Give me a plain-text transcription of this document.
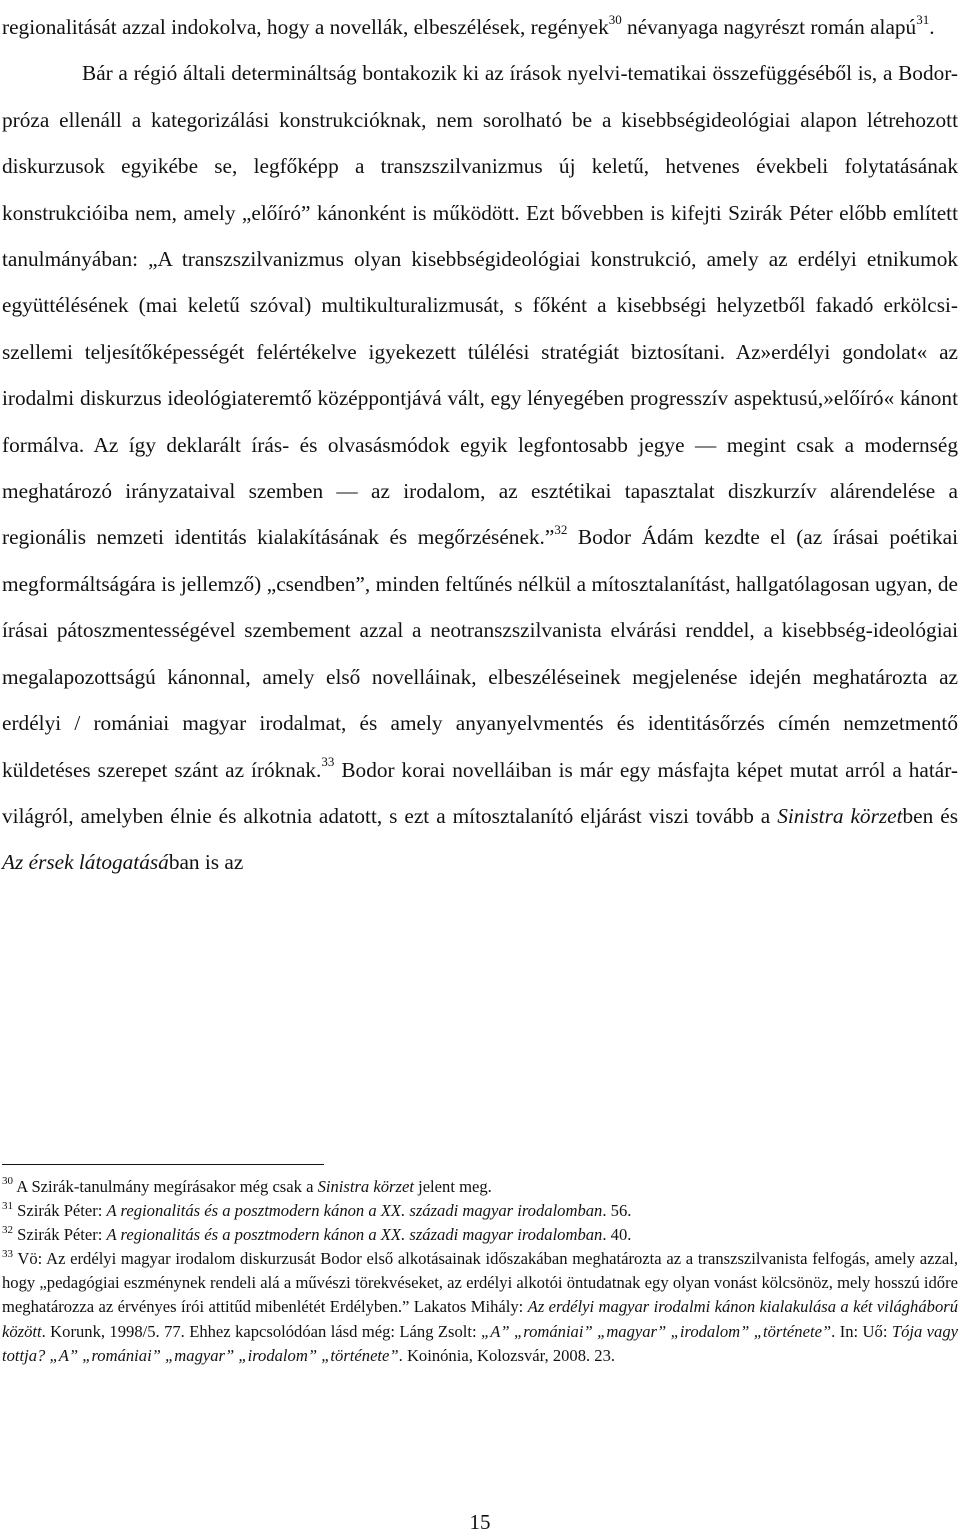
regionalitását azzal indokolva, hogy a novellák, elbeszélések, regények$^{30}$ névanyaga nagyrészt román alapú$^{31}$.

Bár a régió általi determináltság bontakozik ki az írások nyelvi-tematikai összefüggéséből is, a Bodor-próza ellenáll a kategorizálási konstrukcióknak, nem sorolható be a kisebbségideológiai alapon létrehozott diskurzusok egyikébe se, legfőképp a transzszilvanizmus új keletű, hetvenes évekbeli folytatásának konstrukcióiba nem, amely „előíró” kánonként is működött. Ezt bővebben is kifejti Szirák Péter előbb említett tanulmányában: „A transzszilvanizmus olyan kisebbségideológiai konstrukció, amely az erdélyi etnikumok együttélésének (mai keletű szóval) multikulturalizmusát, s főként a kisebbségi helyzetből fakadó erkölcsi-szellemi teljesítőképességét felértékelve igyekezett túlélési stratégiát biztosítani. Az»erdélyi gondolat« az irodalmi diskurzus ideológiateremtő középpontjává vált, egy lényegében progresszív aspektusú,»előíró« kánont formálva. Az így deklarált írás- és olvasásmódok egyik legfontosabb jegye — megint csak a modernség meghatározó irányzataival szemben — az irodalom, az esztétikai tapasztalat diszkurzív alárendelése a regionális nemzeti identitás kialakításának és megőrzésének.”$^{32}$ Bodor Ádám kezdte el (az írásai poétikai megformáltságára is jellemző) „csendben”, minden feltűnés nélkül a mítosztalanítást, hallgatólagosan ugyan, de írásai pátoszmentességével szembement azzal a neotranszszilvanista elvárási renddel, a kisebbség-ideológiai megalapozottságú kánonnal, amely első novelláinak, elbeszéléseinek megjelenése idején meghatározta az erdélyi / romániai magyar irodalmat, és amely anyanyelvmentés és identitásőrzés címén nemzetmentő küldetéses szerepet szánt az íróknak.$^{33}$ Bodor korai novelláiban is már egy másfajta képet mutat arról a határ-világról, amelyben élnie és alkotnia adatott, s ezt a mítosztalanító eljárást viszi tovább a Sinistra körzetben és Az érsek látogatásában is az

$^{30}$ A Szirák-tanulmány megírásakor még csak a Sinistra körzet jelent meg.

$^{31}$ Szirák Péter: A regionalitás és a posztmodern kánon a XX. századi magyar irodalomban. 56.

$^{32}$ Szirák Péter: A regionalitás és a posztmodern kánon a XX. századi magyar irodalomban. 40.

$^{33}$ Vö: Az erdélyi magyar irodalom diskurzusát Bodor első alkotásainak időszakában meghatározta az a transzszilvanista felfogás, amely azzal, hogy „pedagógiai eszménynek rendeli alá a művészi törekvéseket, az erdélyi alkotói öntudatnak egy olyan vonást kölcsönöz, mely hosszú időre meghatározza az érvényes írói attitűd mibenlétét Erdélyben.” Lakatos Mihály: Az erdélyi magyar irodalmi kánon kialakulása a két világháború között. Korunk, 1998/5. 77. Ehhez kapcsolódóan lásd még: Láng Zsolt: „A” „romániai” „magyar” „irodalom” „története”. In: Uő: Tója vagy tottja? „A” „romániai” „magyar” „irodalom” „története”. Koinónia, Kolozsvár, 2008. 23.

15
